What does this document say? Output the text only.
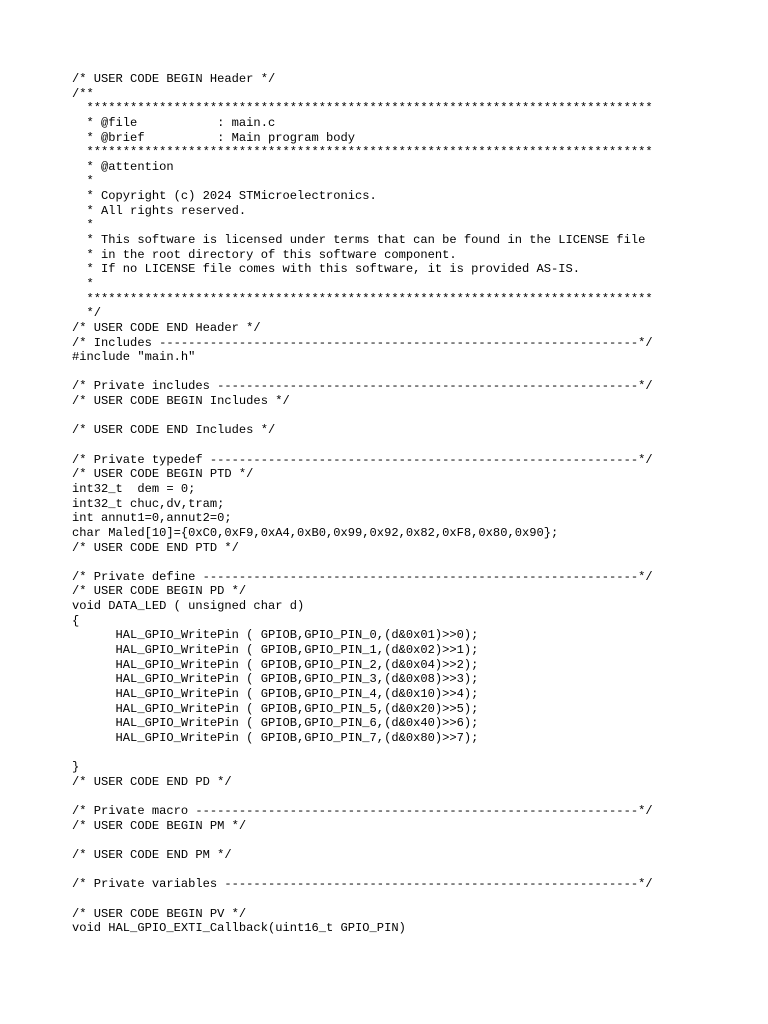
/* USER CODE BEGIN Header */
/**
******************************************************************************
* @file           : main.c
* @brief          : Main program body
******************************************************************************
* @attention
*
* Copyright (c) 2024 STMicroelectronics.
* All rights reserved.
*
* This software is licensed under terms that can be found in the LICENSE file
* in the root directory of this software component.
* If no LICENSE file comes with this software, it is provided AS-IS.
*
******************************************************************************
*/
/* USER CODE END Header */
/* Includes ------------------------------------------------------------------*/
#include "main.h"
/* Private includes ----------------------------------------------------------*/
/* USER CODE BEGIN Includes */
/* USER CODE END Includes */
/* Private typedef -----------------------------------------------------------*/
/* USER CODE BEGIN PTD */
int32_t  dem = 0;
int32_t chuc,dv,tram;
int annut1=0,annut2=0;
char Maled[10]={0xC0,0xF9,0xA4,0xB0,0x99,0x92,0x82,0xF8,0x80,0x90};
/* USER CODE END PTD */
/* Private define ------------------------------------------------------------*/
/* USER CODE BEGIN PD */
void DATA_LED ( unsigned char d)
{
HAL_GPIO_WritePin ( GPIOB,GPIO_PIN_0,(d&0x01)>>0);
HAL_GPIO_WritePin ( GPIOB,GPIO_PIN_1,(d&0x02)>>1);
HAL_GPIO_WritePin ( GPIOB,GPIO_PIN_2,(d&0x04)>>2);
HAL_GPIO_WritePin ( GPIOB,GPIO_PIN_3,(d&0x08)>>3);
HAL_GPIO_WritePin ( GPIOB,GPIO_PIN_4,(d&0x10)>>4);
HAL_GPIO_WritePin ( GPIOB,GPIO_PIN_5,(d&0x20)>>5);
HAL_GPIO_WritePin ( GPIOB,GPIO_PIN_6,(d&0x40)>>6);
HAL_GPIO_WritePin ( GPIOB,GPIO_PIN_7,(d&0x80)>>7);
}
/* USER CODE END PD */
/* Private macro -------------------------------------------------------------*/
/* USER CODE BEGIN PM */
/* USER CODE END PM */
/* Private variables ---------------------------------------------------------*/
/* USER CODE BEGIN PV */
void HAL_GPIO_EXTI_Callback(uint16_t GPIO_PIN)
